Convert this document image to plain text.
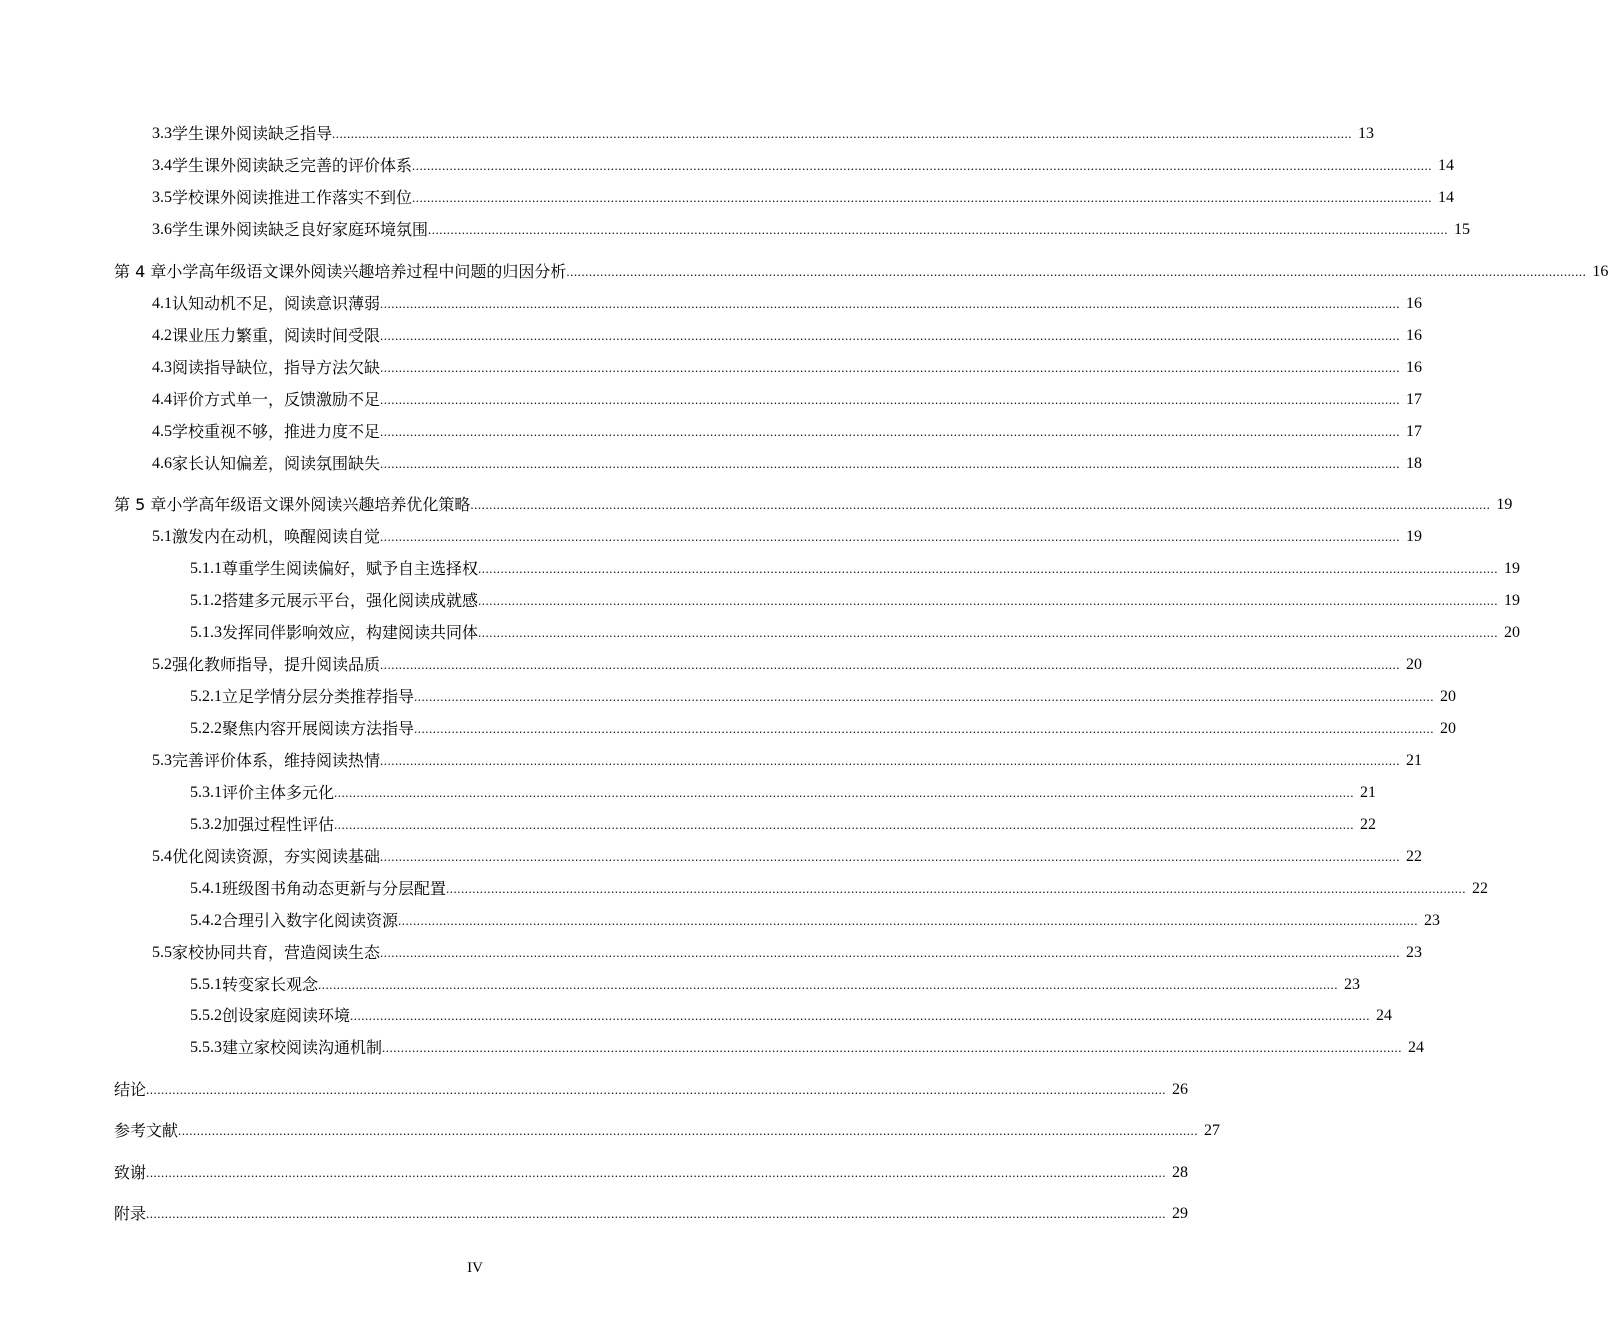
3.3 学生课外阅读缺乏指导 .....	13
3.4 学生课外阅读缺乏完善的评价体系 .....	14
3.5 学校课外阅读推进工作落实不到位 .....	14
3.6 学生课外阅读缺乏良好家庭环境氛围 .....	15
第 4 章 小学高年级语文课外阅读兴趣培养过程中问题的归因分析 .....	16
4.1 认知动机不足，阅读意识薄弱 .....	16
4.2 课业压力繁重，阅读时间受限 .....	16
4.3 阅读指导缺位，指导方法欠缺 .....	16
4.4 评价方式单一，反馈激励不足 .....	17
4.5 学校重视不够，推进力度不足 .....	17
4.6 家长认知偏差，阅读氛围缺失 .....	18
第 5 章 小学高年级语文课外阅读兴趣培养优化策略 .....	19
5.1 激发内在动机，唤醒阅读自觉 .....	19
5.1.1 尊重学生阅读偏好，赋予自主选择权 .....	19
5.1.2 搭建多元展示平台，强化阅读成就感 .....	19
5.1.3 发挥同伴影响效应，构建阅读共同体 .....	20
5.2 强化教师指导，提升阅读品质 .....	20
5.2.1 立足学情分层分类推荐指导 .....	20
5.2.2 聚焦内容开展阅读方法指导 .....	20
5.3 完善评价体系，维持阅读热情 .....	21
5.3.1 评价主体多元化 .....	21
5.3.2 加强过程性评估 .....	22
5.4 优化阅读资源，夯实阅读基础 .....	22
5.4.1 班级图书角动态更新与分层配置 .....	22
5.4.2 合理引入数字化阅读资源 .....	23
5.5 家校协同共育，营造阅读生态 .....	23
5.5.1 转变家长观念 .....	23
5.5.2 创设家庭阅读环境 .....	24
5.5.3 建立家校阅读沟通机制 .....	24
结论 .....	26
参考文献 .....	27
致谢 .....	28
附录 .....	29
IV
